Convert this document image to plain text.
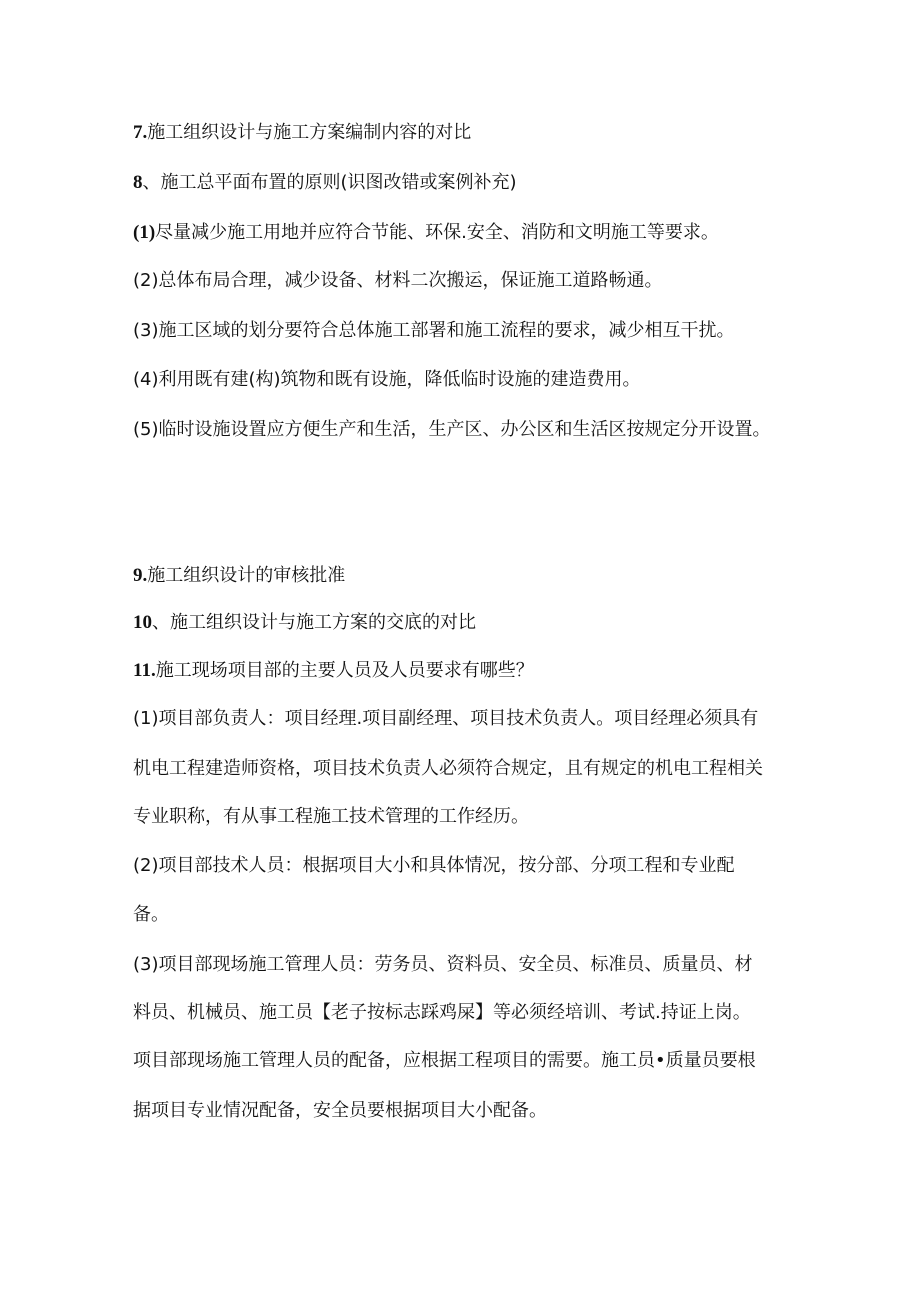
7.施工组织设计与施工方案编制内容的对比
8、施工总平面布置的原则(识图改错或案例补充)
(1)尽量减少施工用地并应符合节能、环保.安全、消防和文明施工等要求。
(2)总体布局合理，减少设备、材料二次搬运，保证施工道路畅通。
(3)施工区域的划分要符合总体施工部署和施工流程的要求，减少相互干扰。
(4)利用既有建(构)筑物和既有设施，降低临时设施的建造费用。
(5)临时设施设置应方便生产和生活，生产区、办公区和生活区按规定分开设置。
9.施工组织设计的审核批准
10、施工组织设计与施工方案的交底的对比
11.施工现场项目部的主要人员及人员要求有哪些？
(1)项目部负责人：项目经理.项目副经理、项目技术负责人。项目经理必须具有
机电工程建造师资格，项目技术负责人必须符合规定，且有规定的机电工程相关
专业职称，有从事工程施工技术管理的工作经历。
(2)项目部技术人员：根据项目大小和具体情况，按分部、分项工程和专业配
备。
(3)项目部现场施工管理人员：劳务员、资料员、安全员、标准员、质量员、材
料员、机械员、施工员【老子按标志踩鸡屎】等必须经培训、考试.持证上岗。
项目部现场施工管理人员的配备，应根据工程项目的需要。施工员•质量员要根
据项目专业情况配备，安全员要根据项目大小配备。
